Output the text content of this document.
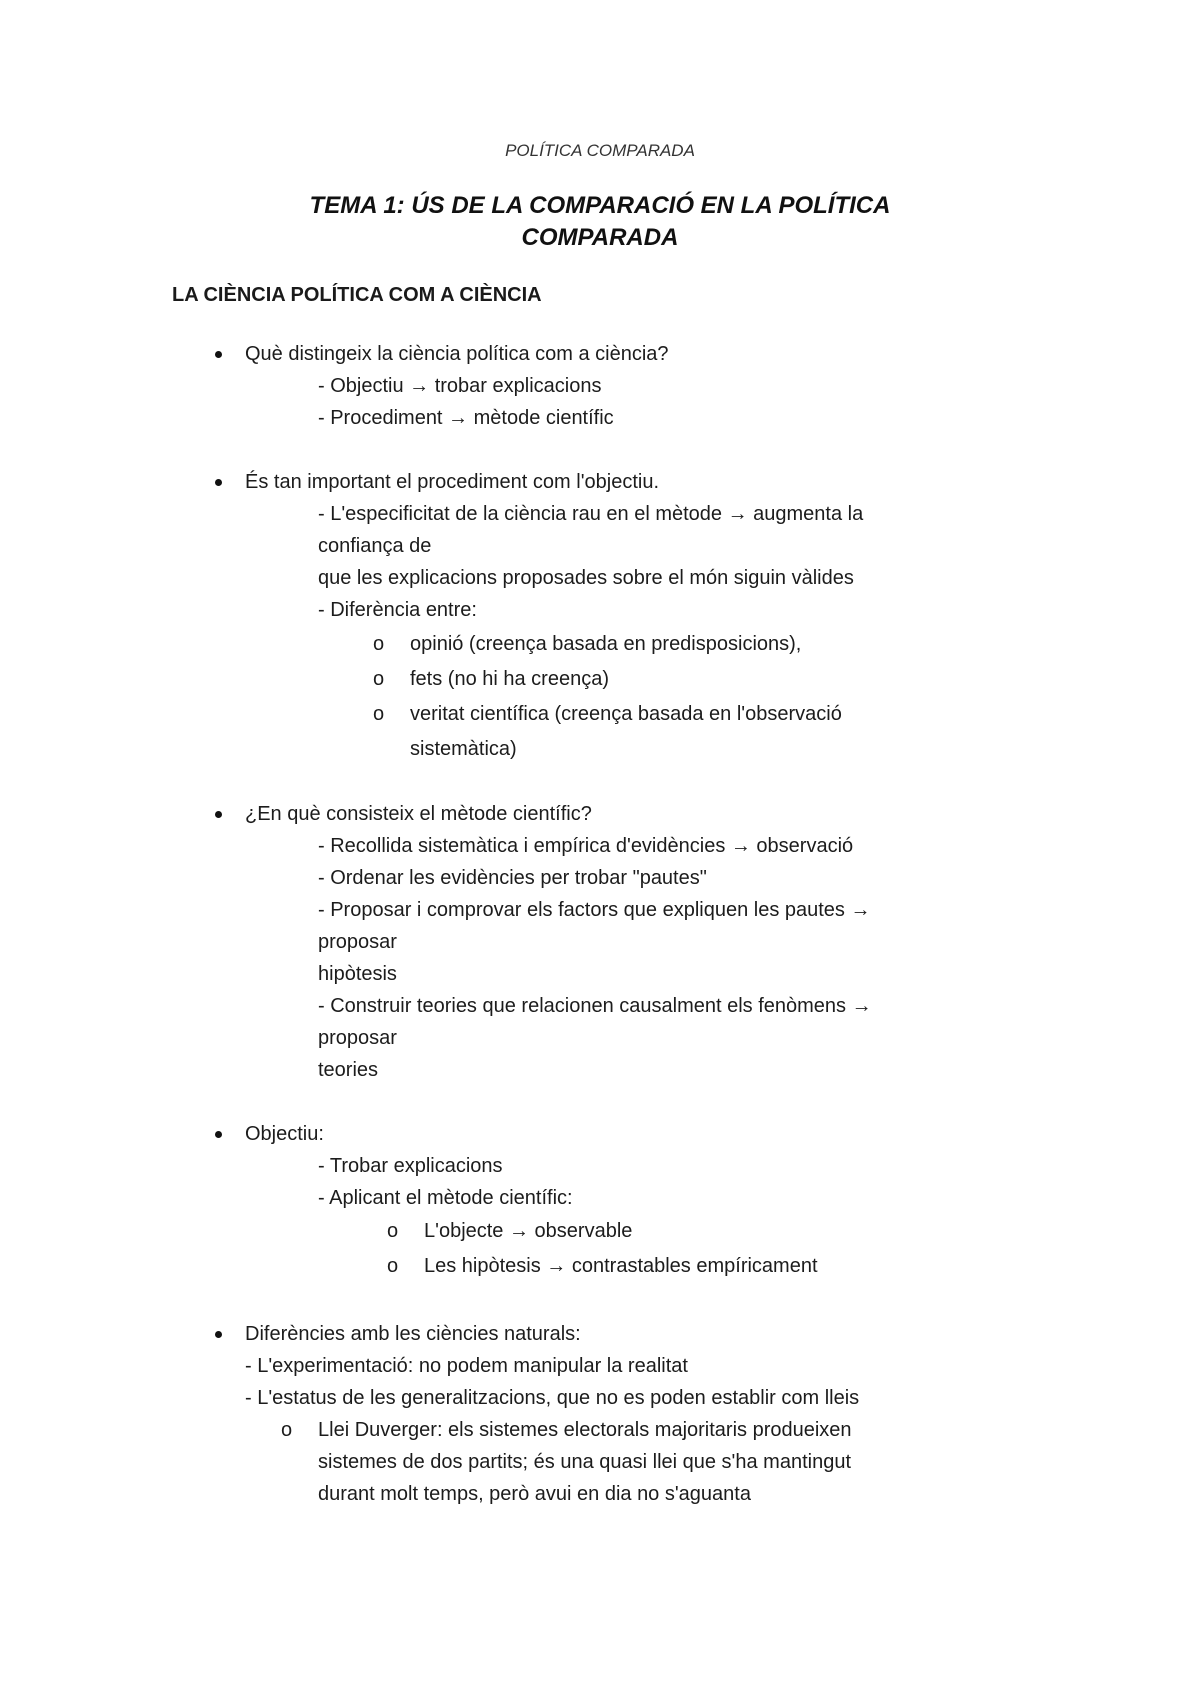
POLÍTICA COMPARADA
TEMA 1: ÚS DE LA COMPARACIÓ EN LA POLÍTICA
COMPARADA
LA CIÈNCIA POLÍTICA COM A CIÈNCIA
Què distingeix la ciència política com a ciència?
- Objectiu → trobar explicacions
- Procediment → mètode científic
És tan important el procediment com l'objectiu.
- L'especificitat de la ciència rau en el mètode → augmenta la
confiança de
que les explicacions proposades sobre el món siguin vàlides
- Diferència entre:
o opinió (creença basada en predisposicions),
o fets (no hi ha creença)
o veritat científica (creença basada en l'observació
sistemàtica)
¿En què consisteix el mètode científic?
- Recollida sistemàtica i empírica d'evidències → observació
- Ordenar les evidències per trobar "pautes"
- Proposar i comprovar els factors que expliquen les pautes →
proposar
hipòtesis
- Construir teories que relacionen causalment els fenòmens →
proposar
teories
Objectiu:
- Trobar explicacions
- Aplicant el mètode científic:
o L'objecte → observable
o Les hipòtesis → contrastables empíricament
Diferències amb les ciències naturals:
- L'experimentació: no podem manipular la realitat
- L'estatus de les generalitzacions, que no es poden establir com lleis
o Llei Duverger: els sistemes electorals majoritaris produeixen
sistemes de dos partits; és una quasi llei que s'ha mantingut
durant molt temps, però avui en dia no s'aguanta
